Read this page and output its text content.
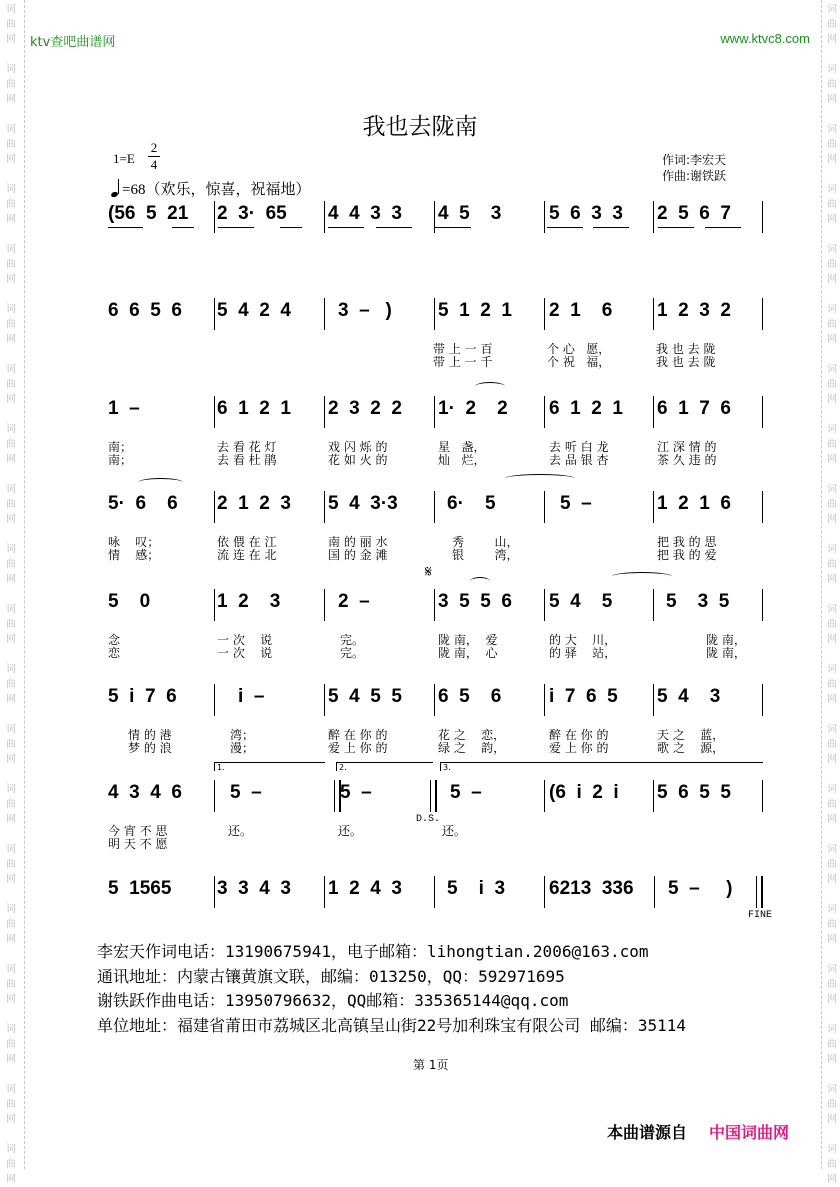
词
曲
网
词
曲
网
词
曲
网
词
曲
网
词
曲
网
词
曲
网
词
曲
网
词
曲
网
词
曲
网
词
曲
网
词
曲
网
词
曲
网
词
曲
网
词
曲
网
词
曲
网
词
曲
网
词
曲
网
词
曲
网
词
曲
网
词
曲
网
词
曲
网
词
曲
网
词
曲
网
词
曲
网
词
曲
网
词
曲
网
词
曲
网
词
曲
网
词
曲
网
词
曲
网
词
曲
网
词
曲
网
词
曲
网
词
曲
网
词
曲
网
词
曲
网
词
曲
网
词
曲
网
词
曲
网
词
曲
网
ktv查吧曲谱网	www.ktvc8.com
我也去陇南
1=E
2
4
=68（欢乐，惊喜，祝福地）
作词:李宏天
作曲:谢铁跃
(56  5  21 2  3·  65 4  4  3  3 4  5    3	5  6  3  3 2  5  6  7
6  6  5  6 5  4  2  4 3  –   ) 5  1  2  1 2  1    6 1  2  3  2
带 上 一 百	个 心   愿，	我 也 去 陇
带 上 一 千	个 祝   福，	我 也 去 陇
1  –	6  1  2  1 2  3  2  2 1·  2    2 6  1  2  1 6  1  7  6
南；	去 看 花 灯	戏 闪 烁 的	星   盏，	去 听 白 龙	江 深 情 的
南；	去 看 杜 鹃	花 如 火 的	灿   烂，	去 品 银 杏	茶 久 违 的
5·  6    6 2  1  2  3 5  4  3·3	6·    5	5  –	1  2  1  6
咏    叹；	依 偎 在 江	南 的 丽 水	秀        山，	把 我 的 思
情    感；	流 连 在 北	国 的 金 滩	银        湾，	把 我 的 爱
5    0	1  2    3	2  –	3  5  5  6 5  4    5	5    3  5
念	一 次    说	完。	陇 南，  爱	的 大    川，	陇 南，
恋	一 次    说	完。	陇 南，  心	的 驿    站，	陇 南，
5  i  7  6	i  –	5  4  5  5 6  5    6	i  7  6  5 5  4    3
情 的 港	湾；	醉 在 你 的	花 之    恋，	醉 在 你 的	天 之    蓝，
梦 的 浪	漫；	爱 上 你 的	绿 之    韵，	爱 上 你 的	歌 之    源，
4  3  4  6	5  –	5  –	5  –	(6  i  2  i 5  6  5  5
1.	2.	3.
D.S.
今 宵 不 思	还。	还。	还。
明 天 不 愿
5  1565 3  3  4  3 1  2  4  3 5    i  3 6213  336 5  –     )
FINE
𝄋
李宏天作词电话：13190675941，电子邮箱：lihongtian.2006@163.com
通讯地址：内蒙古镶黄旗文联，邮编：013250，QQ：592971695
谢铁跃作曲电话：13950796632，QQ邮箱：335365144@qq.com
单位地址：福建省莆田市荔城区北高镇呈山街22号加利珠宝有限公司 邮编：35114
第 1页
本曲谱源自 中国词曲网
